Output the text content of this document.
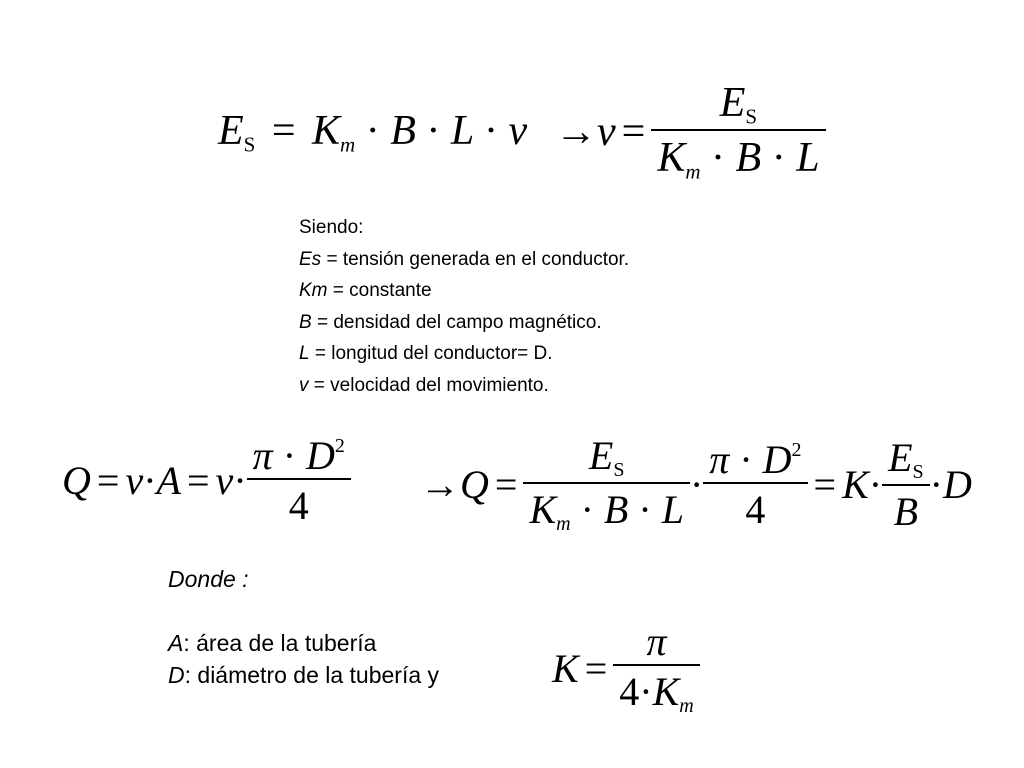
$E_S = K_m \cdot B \cdot L \cdot v \to v = \frac{E_S}{K_m \cdot B \cdot L}$
Siendo:
Es = tensión generada en el conductor.
Km = constante
B = densidad del campo magnético.
L = longitud del conductor= D.
v = velocidad del movimiento.
$Q = v \cdot A = v \cdot \frac{\pi \cdot D^2}{4} \to Q = \frac{E_S}{K_m \cdot B \cdot L} \cdot \frac{\pi \cdot D^2}{4} = K \cdot \frac{E_S}{B} \cdot D$
Donde :
A: área de la tubería
D: diámetro de la tubería y	$K = \frac{\pi}{4\cdot K_m}$
